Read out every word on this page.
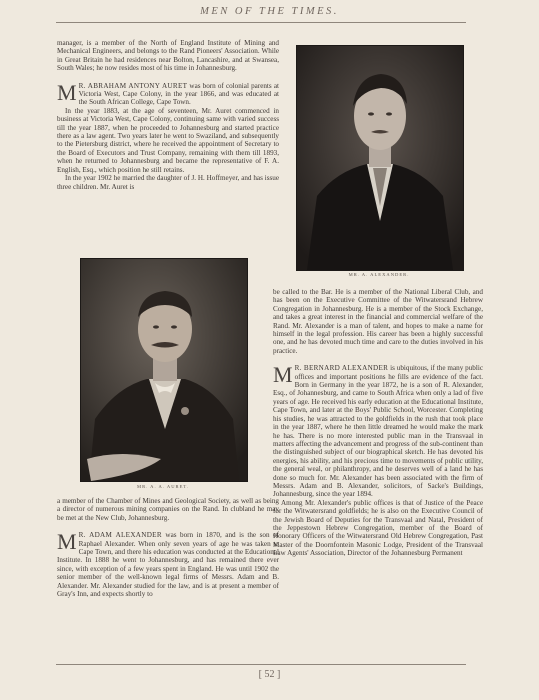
MEN OF THE TIMES.

manager, is a member of the North of England Institute of Mining and Mechanical Engineers, and belongs to the Rand Pioneers' Association. While in Great Britain he had residences near Bolton, Lancashire, and at Swansea, South Wales; he now resides most of his time in Johannesburg.

M R. ABRAHAM ANTONY AURET was born of colonial parents at Victoria West, Cape Colony, in the year 1866, and was educated at the South African College, Cape Town.

In the year 1883, at the age of seventeen, Mr. Auret commenced in business at Victoria West, Cape Colony, continuing same with varied success till the year 1887, when he proceeded to Johannesburg and started practice there as a law agent. Two years later he went to Swaziland, and subsequently to the Pietersburg district, where he received the appointment of Secretary to the Board of Executors and Trust Company, remaining with them till 1893, when he returned to Johannesburg and became the representative of F. A. English, Esq., which position he still retains.

In the year 1902 he married the daughter of J. H. Hoffmeyer, and has issue three children. Mr. Auret is

MR. A. ALEXANDER.
MR. A. A. AURET.

a member of the Chamber of Mines and Geological Society, as well as being a director of numerous mining companies on the Rand. In clubland he may be met at the New Club, Johannesburg.

M R. ADAM ALEXANDER was born in 1870, and is the son of Raphael Alexander. When only seven years of age he was taken to Cape Town, and there his education was conducted at the Educational Institute. In 1888 he went to Johannesburg, and has remained there ever since, with exception of a few years spent in England. He was until 1902 the senior member of the well-known legal firms of Messrs. Adam and B. Alexander. Mr. Alexander studied for the law, and is at present a member of Gray's Inn, and expects shortly to

be called to the Bar. He is a member of the National Liberal Club, and has been on the Executive Committee of the Witwatersrand Hebrew Congregation in Johannesburg. He is a member of the Stock Exchange, and takes a great interest in the financial and commercial welfare of the Rand. Mr. Alexander is a man of talent, and hopes to make a name for himself in the legal profession. His career has been a highly successful one, and he has devoted much time and care to the duties involved in his practice.

M R. BERNARD ALEXANDER is ubiquitous, if the many public offices and important positions he fills are evidence of the fact. Born in Germany in the year 1872, he is a son of R. Alexander, Esq., of Johannesburg, and came to South Africa when only a lad of five years of age. He received his early education at the Educational Institute, Cape Town, and later at the Boys' Public School, Worcester. Completing his studies, he was attracted to the goldfields in the rush that took place in the year 1887, where he then little dreamed he would make the mark he has. There is no more interested public man in the Transvaal in matters affecting the advancement and progress of the sub-continent than the distinguished subject of our biographical sketch. He has devoted his energies, his ability, and his precious time to movements of public utility, the general weal, or philanthropy, and he deserves well of a land he has done so much for. Mr. Alexander has been associated with the firm of Messrs. Adam and B. Alexander, solicitors, of Sacke's Buildings, Johannesburg, since the year 1894.

Among Mr. Alexander's public offices is that of Justice of the Peace for the Witwatersrand goldfields; he is also on the Executive Council of the Jewish Board of Deputies for the Transvaal and Natal, President of the Jeppestown Hebrew Congregation, member of the Board of Honorary Officers of the Witwatersrand Old Hebrew Congregation, Past Master of the Doornfontein Masonic Lodge, President of the Transvaal Law Agents' Association, Director of the Johannesburg Permanent

[ 52 ]
